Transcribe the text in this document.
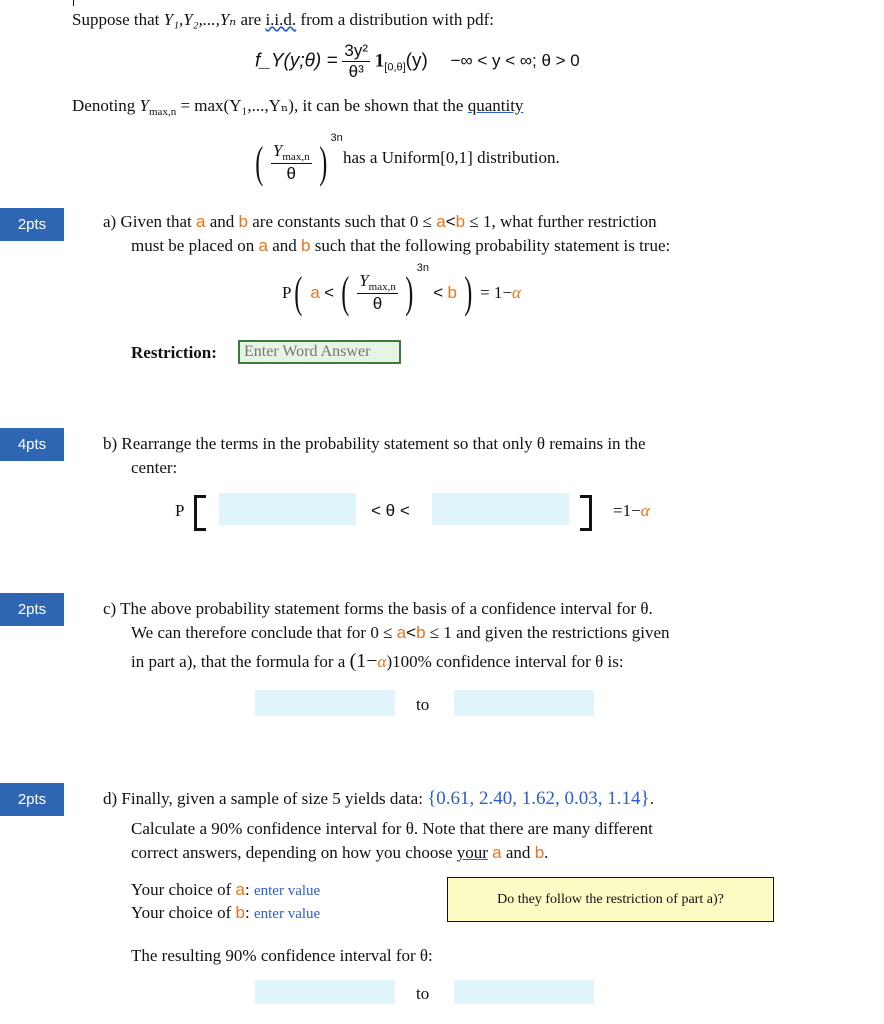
Suppose that Y₁,Y₂,...,Yₙ are i.i.d. from a distribution with pdf:
f_Y(y;θ) = $\frac{\text{3y²}}{\text{θ³}} 1_{[0,\theta]}(y)$ −∞ < y < ∞; θ > 0
Denoting $Y_{max,n} = \max(Y_1,...,Y_n)$, it can be shown that the quantity
( $\frac{Y_{max,n}}{\theta} )^{3n}$
has a Uniform[0,1] distribution.
2pts	a) Given that a and b are constants such that 0 ≤ a<b ≤ 1, what further restriction
must be placed on a and b such that the following probability statement is true:
P( a < ( $\frac{Y_{max,n}}{\theta} )^{3n} < b$ ) = 1−α
Restriction:
Enter Word Answer
4pts	b) Rearrange the terms in the probability statement so that only θ remains in the
center:
P	< θ <	=1−α
2pts	c) The above probability statement forms the basis of a confidence interval for θ.
We can therefore conclude that for 0 ≤ a<b ≤ 1 and given the restrictions given
in part a), that the formula for a (1−α)100% confidence interval for θ is:
to
2pts	d) Finally, given a sample of size 5 yields data: {0.61, 2.40, 1.62, 0.03, 1.14}.
Calculate a 90% confidence interval for θ. Note that there are many different
correct answers, depending on how you choose your a and b.
Your choice of a: enter value
Your choice of b: enter value
Do they follow the restriction of part a)?
The resulting 90% confidence interval for θ:
to
